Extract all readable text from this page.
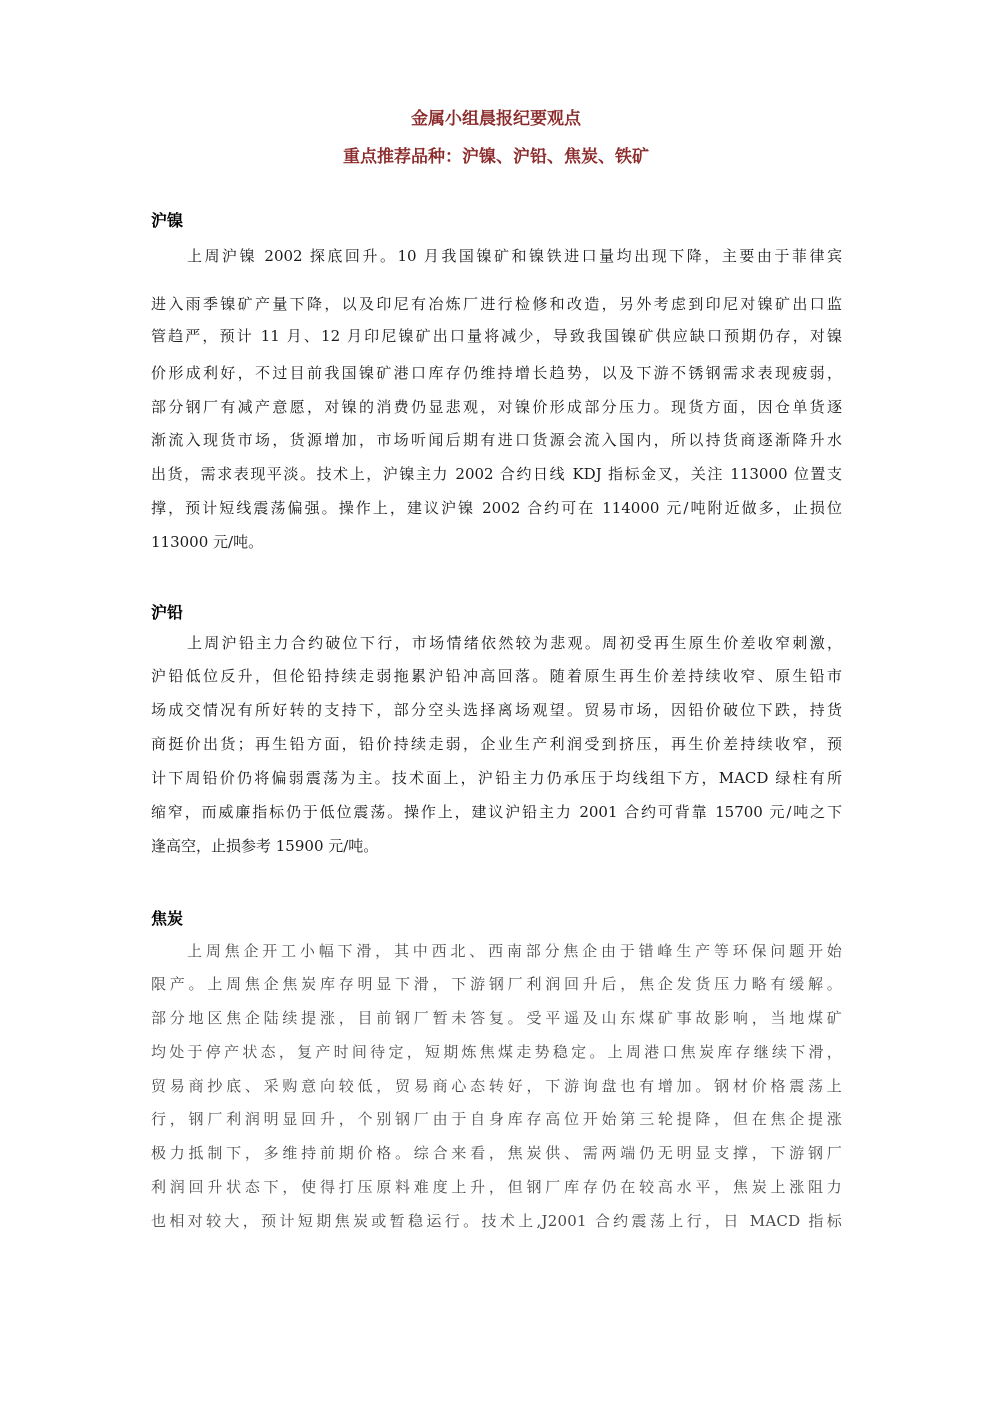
金属小组晨报纪要观点
重点推荐品种：沪镍、沪铅、焦炭、铁矿
沪镍
上周沪镍 2002 探底回升。10 月我国镍矿和镍铁进口量均出现下降，主要由于菲律宾
进入雨季镍矿产量下降，以及印尼有冶炼厂进行检修和改造，另外考虑到印尼对镍矿出口监
管趋严，预计 11 月、12 月印尼镍矿出口量将减少，导致我国镍矿供应缺口预期仍存，对镍
价形成利好，不过目前我国镍矿港口库存仍维持增长趋势，以及下游不锈钢需求表现疲弱，
部分钢厂有减产意愿，对镍的消费仍显悲观，对镍价形成部分压力。现货方面，因仓单货逐
渐流入现货市场，货源增加，市场听闻后期有进口货源会流入国内，所以持货商逐渐降升水
出货，需求表现平淡。技术上，沪镍主力 2002 合约日线 KDJ 指标金叉，关注 113000 位置支
撑，预计短线震荡偏强。操作上，建议沪镍 2002 合约可在 114000 元/吨附近做多，止损位
113000 元/吨。
沪铅
上周沪铅主力合约破位下行，市场情绪依然较为悲观。周初受再生原生价差收窄刺激，
沪铅低位反升，但伦铅持续走弱拖累沪铅冲高回落。随着原生再生价差持续收窄、原生铅市
场成交情况有所好转的支持下，部分空头选择离场观望。贸易市场，因铅价破位下跌，持货
商挺价出货；再生铅方面，铅价持续走弱，企业生产利润受到挤压，再生价差持续收窄，预
计下周铅价仍将偏弱震荡为主。技术面上，沪铅主力仍承压于均线组下方，MACD 绿柱有所
缩窄，而威廉指标仍于低位震荡。操作上，建议沪铅主力 2001 合约可背靠 15700 元/吨之下
逢高空，止损参考 15900 元/吨。
焦炭
上周焦企开工小幅下滑，其中西北、西南部分焦企由于错峰生产等环保问题开始
限产。上周焦企焦炭库存明显下滑，下游钢厂利润回升后，焦企发货压力略有缓解。
部分地区焦企陆续提涨，目前钢厂暂未答复。受平遥及山东煤矿事故影响，当地煤矿
均处于停产状态，复产时间待定，短期炼焦煤走势稳定。上周港口焦炭库存继续下滑，
贸易商抄底、采购意向较低，贸易商心态转好，下游询盘也有增加。钢材价格震荡上
行，钢厂利润明显回升，个别钢厂由于自身库存高位开始第三轮提降，但在焦企提涨
极力抵制下，多维持前期价格。综合来看，焦炭供、需两端仍无明显支撑，下游钢厂
利润回升状态下，使得打压原料难度上升，但钢厂库存仍在较高水平，焦炭上涨阻力
也相对较大，预计短期焦炭或暂稳运行。技术上,J2001 合约震荡上行，日 MACD 指标
